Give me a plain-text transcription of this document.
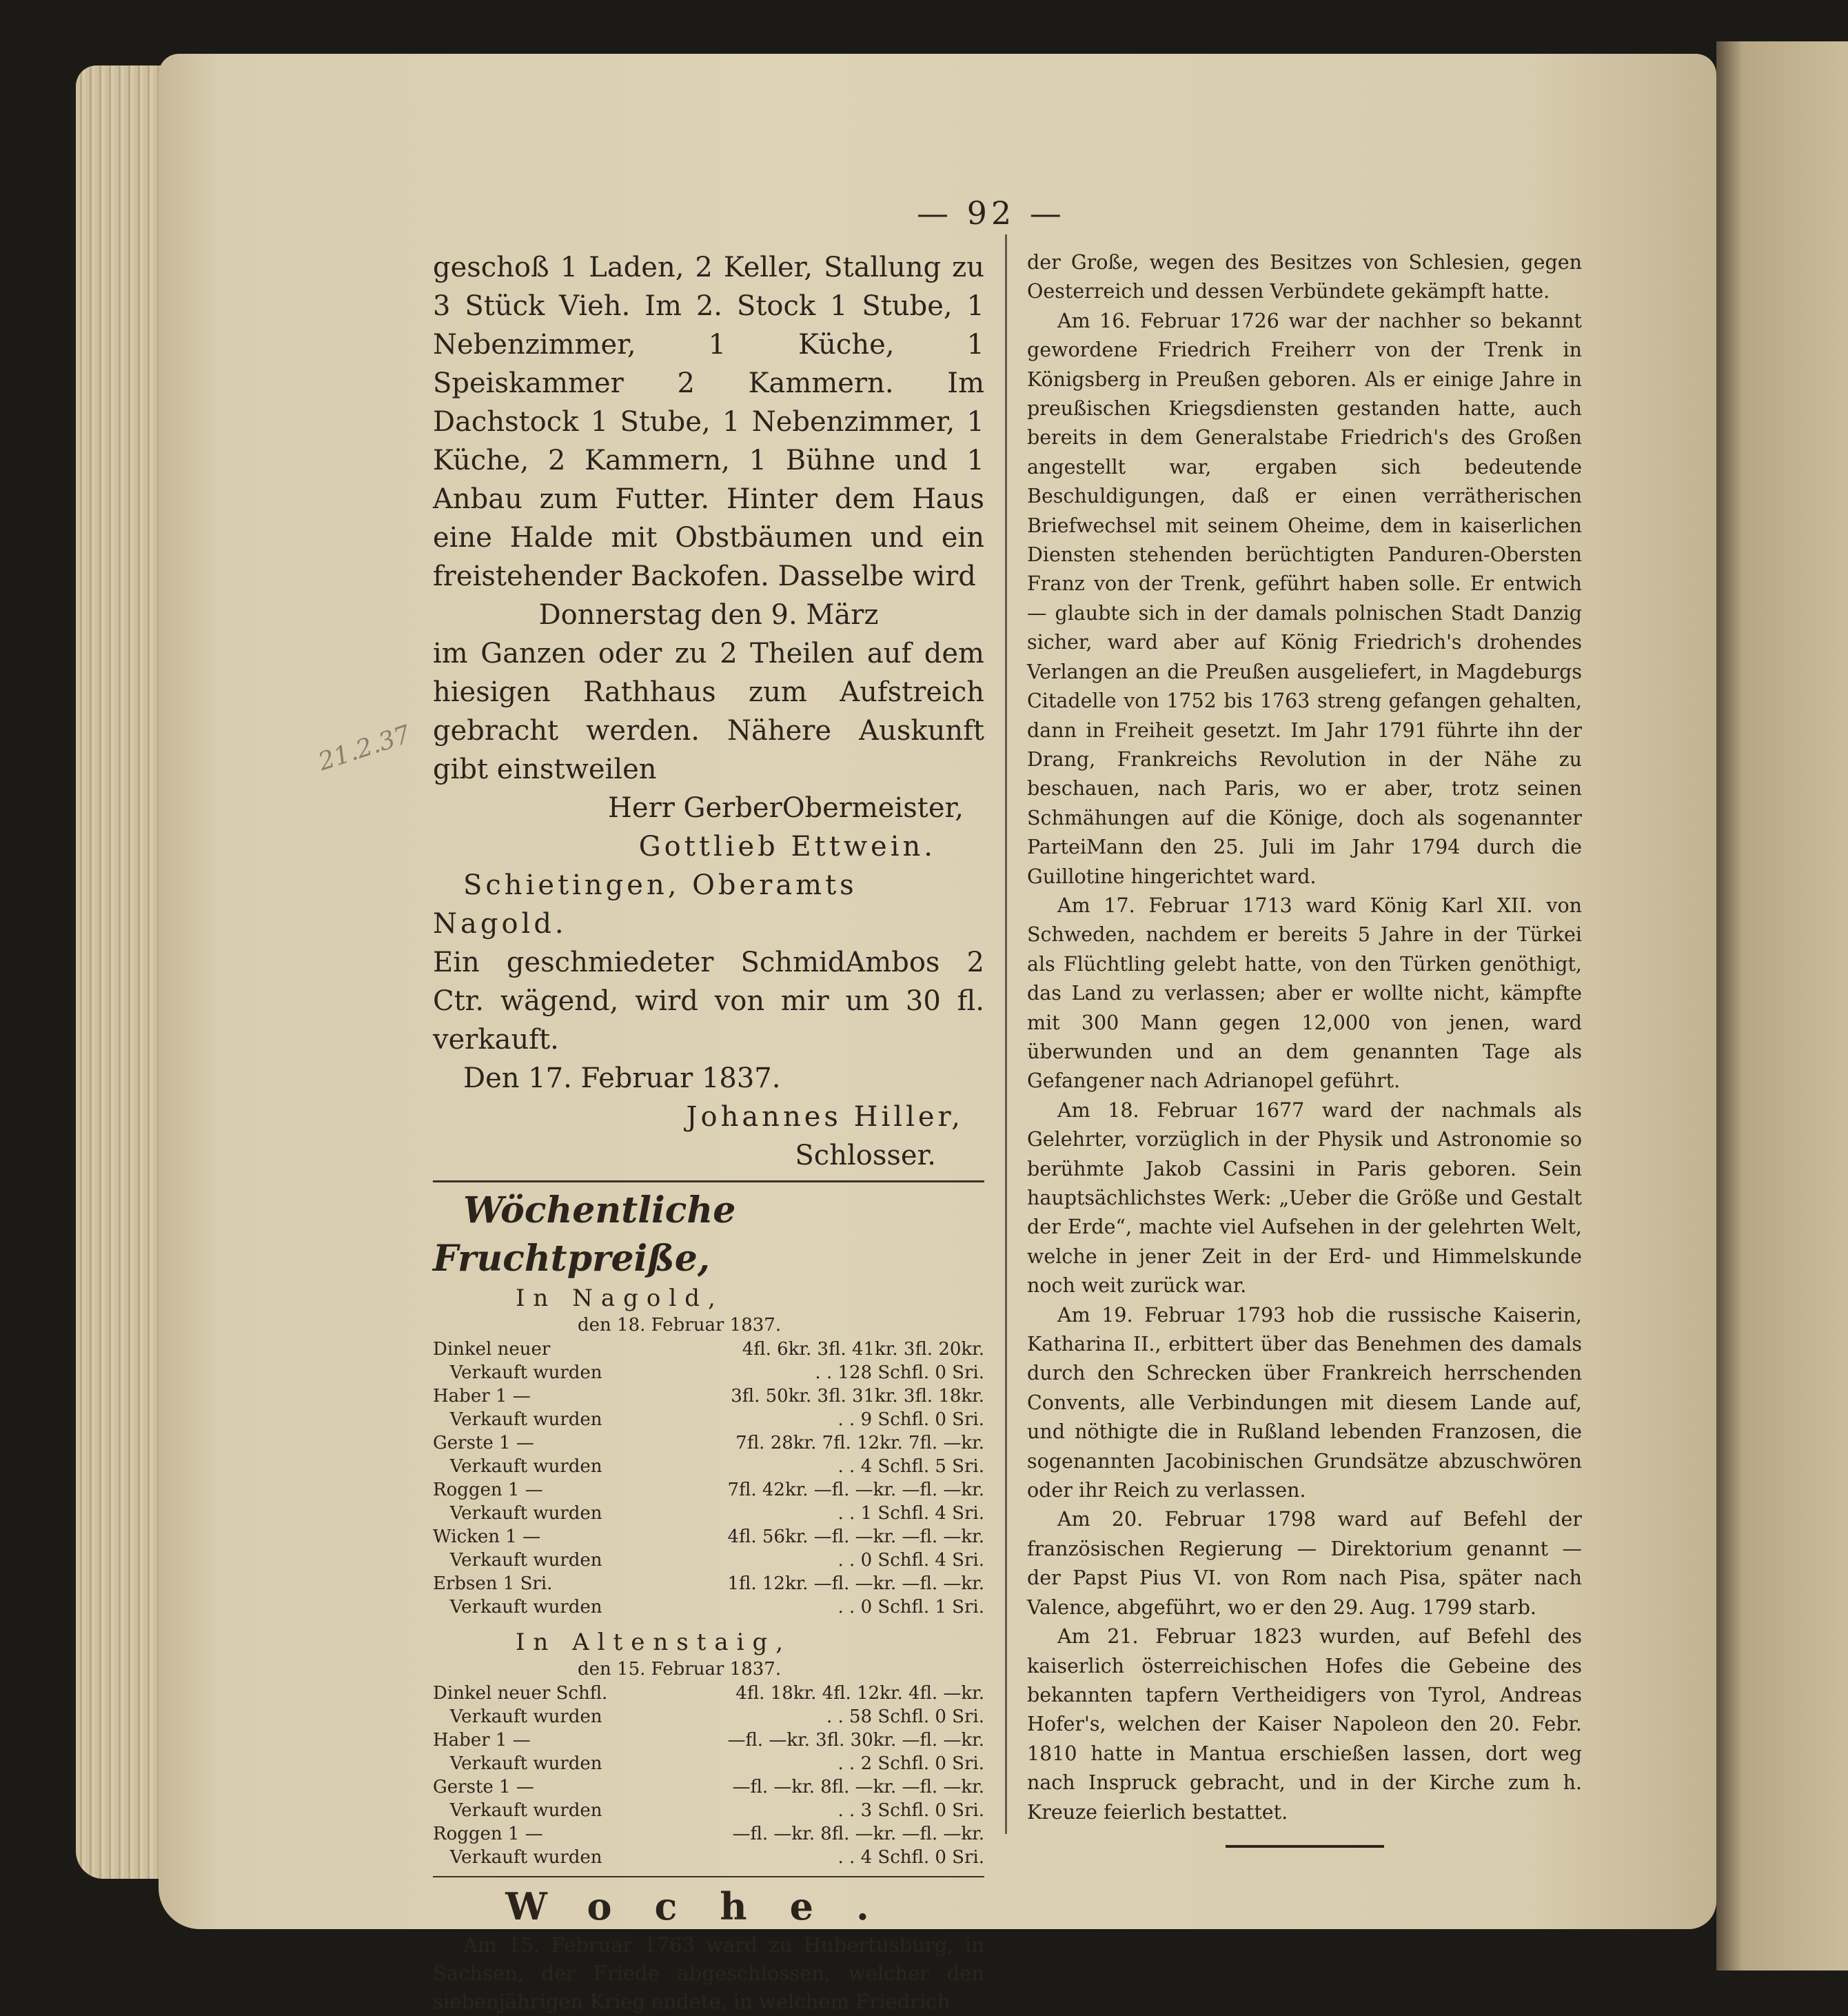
— 92 —
21.2.37

geschoß 1 Laden, 2 Keller, Stallung zu 3 Stück Vieh. Im 2. Stock 1 Stube, 1 Nebenzimmer, 1 Küche, 1 Speiskammer 2 Kammern. Im Dachstock 1 Stube, 1 Nebenzimmer, 1 Küche, 2 Kammern, 1 Bühne und 1 Anbau zum Futter. Hinter dem Haus eine Halde mit Obstbäumen und ein freistehender Backofen. Dasselbe wird

Donnerstag den 9. März

im Ganzen oder zu 2 Theilen auf dem hiesigen Rathhaus zum Aufstreich gebracht werden. Nähere Auskunft gibt einstweilen

Herr GerberObermeister,

Gottlieb Ettwein.

Schietingen, Oberamts Nagold.

Ein geschmiedeter SchmidAmbos 2 Ctr. wägend, wird von mir um 30 fl. verkauft.

Den 17. Februar 1837.

Johannes Hiller,

Schlosser.

Wöchentliche Fruchtpreiße,

In Nagold,

den 18. Februar 1837.

Dinkel neuer	4fl. 6kr. 3fl. 41kr. 3fl. 20kr.
Verkauft wurden	. . 128 Schfl. 0 Sri.
Haber 1 —	3fl. 50kr. 3fl. 31kr. 3fl. 18kr.
Verkauft wurden	. . 9 Schfl. 0 Sri.
Gerste 1 —	7fl. 28kr. 7fl. 12kr. 7fl. —kr.
Verkauft wurden	. . 4 Schfl. 5 Sri.
Roggen 1 —	7fl. 42kr. —fl. —kr. —fl. —kr.
Verkauft wurden	. . 1 Schfl. 4 Sri.
Wicken 1 —	4fl. 56kr. —fl. —kr. —fl. —kr.
Verkauft wurden	. . 0 Schfl. 4 Sri.
Erbsen 1 Sri.	1fl. 12kr. —fl. —kr. —fl. —kr.
Verkauft wurden	. . 0 Schfl. 1 Sri.

In Altenstaig,

den 15. Februar 1837.

Dinkel neuer Schfl.	4fl. 18kr. 4fl. 12kr. 4fl. —kr.
Verkauft wurden	. . 58 Schfl. 0 Sri.
Haber 1 —	—fl. —kr. 3fl. 30kr. —fl. —kr.
Verkauft wurden	. . 2 Schfl. 0 Sri.
Gerste 1 —	—fl. —kr. 8fl. —kr. —fl. —kr.
Verkauft wurden	. . 3 Schfl. 0 Sri.
Roggen 1 —	—fl. —kr. 8fl. —kr. —fl. —kr.
Verkauft wurden	. . 4 Schfl. 0 Sri.

Woche.

Am 15. Februar 1763 ward zu Hubertusburg, in Sachsen, der Friede abgeschlossen, welcher den siebenjährigen Krieg endete, in welchem Friedrich

der Große, wegen des Besitzes von Schlesien, gegen Oesterreich und dessen Verbündete gekämpft hatte.

Am 16. Februar 1726 war der nachher so bekannt gewordene Friedrich Freiherr von der Trenk in Königsberg in Preußen geboren. Als er einige Jahre in preußischen Kriegsdiensten gestanden hatte, auch bereits in dem Generalstabe Friedrich's des Großen angestellt war, ergaben sich bedeutende Beschuldigungen, daß er einen verrätherischen Briefwechsel mit seinem Oheime, dem in kaiserlichen Diensten stehenden berüchtigten Panduren-Obersten Franz von der Trenk, geführt haben solle. Er entwich — glaubte sich in der damals polnischen Stadt Danzig sicher, ward aber auf König Friedrich's drohendes Verlangen an die Preußen ausgeliefert, in Magdeburgs Citadelle von 1752 bis 1763 streng gefangen gehalten, dann in Freiheit gesetzt. Im Jahr 1791 führte ihn der Drang, Frankreichs Revolution in der Nähe zu beschauen, nach Paris, wo er aber, trotz seinen Schmähungen auf die Könige, doch als sogenannter ParteiMann den 25. Juli im Jahr 1794 durch die Guillotine hingerichtet ward.

Am 17. Februar 1713 ward König Karl XII. von Schweden, nachdem er bereits 5 Jahre in der Türkei als Flüchtling gelebt hatte, von den Türken genöthigt, das Land zu verlassen; aber er wollte nicht, kämpfte mit 300 Mann gegen 12,000 von jenen, ward überwunden und an dem genannten Tage als Gefangener nach Adrianopel geführt.

Am 18. Februar 1677 ward der nachmals als Gelehrter, vorzüglich in der Physik und Astronomie so berühmte Jakob Cassini in Paris geboren. Sein hauptsächlichstes Werk: „Ueber die Größe und Gestalt der Erde“, machte viel Aufsehen in der gelehrten Welt, welche in jener Zeit in der Erd- und Himmelskunde noch weit zurück war.

Am 19. Februar 1793 hob die russische Kaiserin, Katharina II., erbittert über das Benehmen des damals durch den Schrecken über Frankreich herrschenden Convents, alle Verbindungen mit diesem Lande auf, und nöthigte die in Rußland lebenden Franzosen, die sogenannten Jacobinischen Grundsätze abzuschwören oder ihr Reich zu verlassen.

Am 20. Februar 1798 ward auf Befehl der französischen Regierung — Direktorium genannt — der Papst Pius VI. von Rom nach Pisa, später nach Valence, abgeführt, wo er den 29. Aug. 1799 starb.

Am 21. Februar 1823 wurden, auf Befehl des kaiserlich österreichischen Hofes die Gebeine des bekannten tapfern Vertheidigers von Tyrol, Andreas Hofer's, welchen der Kaiser Napoleon den 20. Febr. 1810 hatte in Mantua erschießen lassen, dort weg nach Inspruck gebracht, und in der Kirche zum h. Kreuze feierlich bestattet.
